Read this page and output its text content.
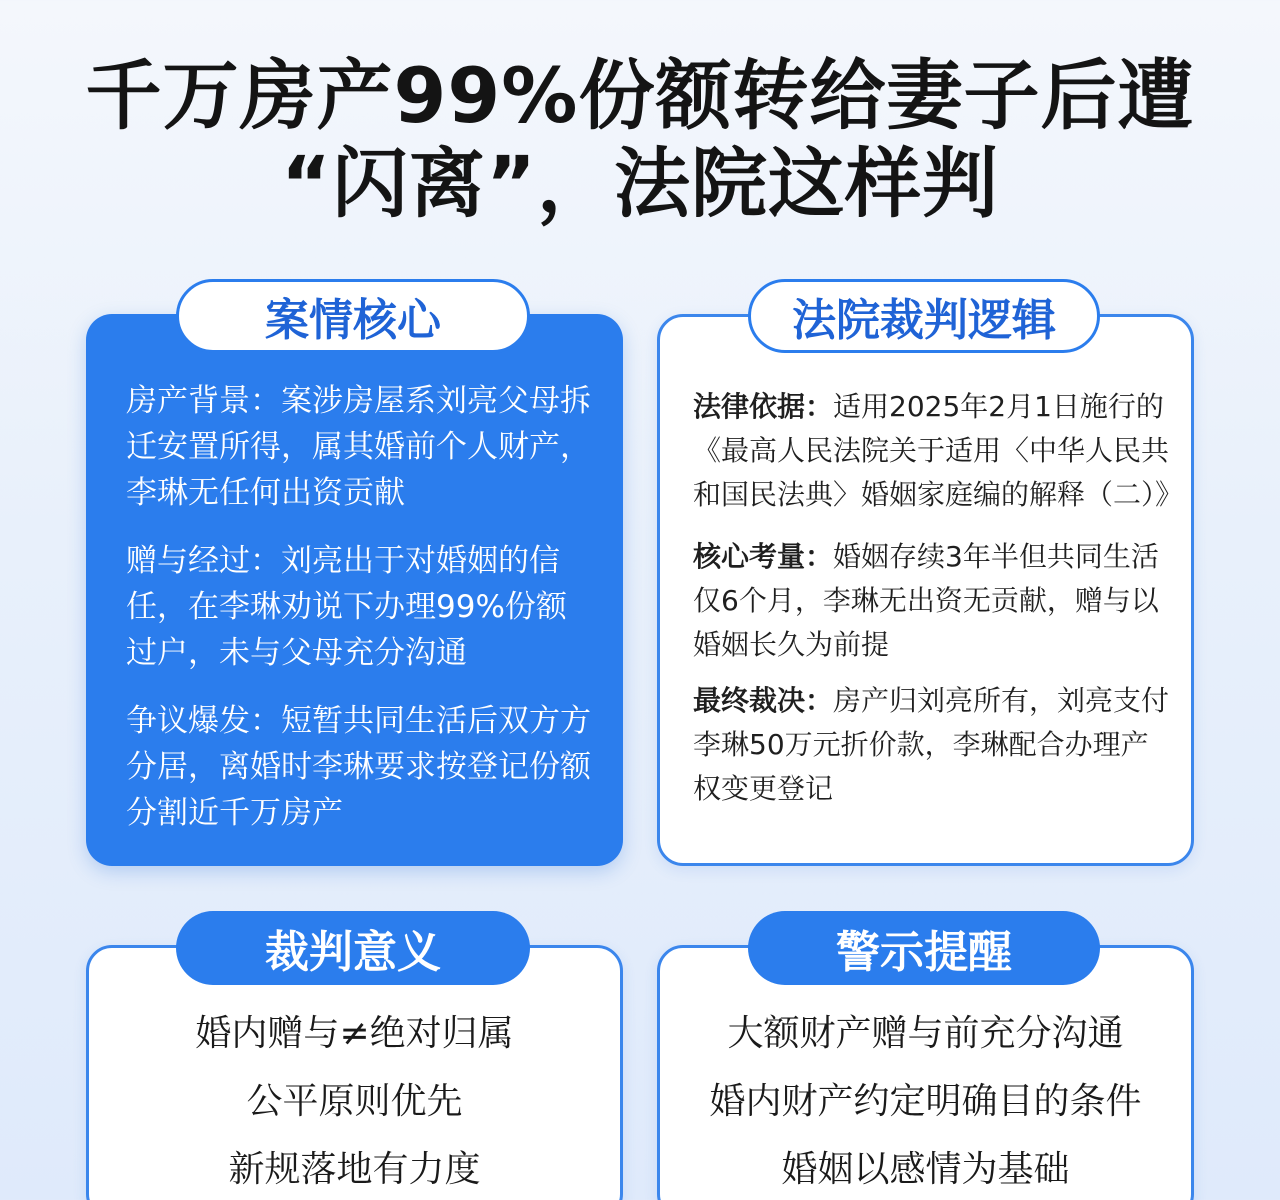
千万房产99%份额转给妻子后遭
“闪离”，法院这样判
房产背景：案涉房屋系刘亮父母拆迁安置所得，属其婚前个人财产，李琳无任何出资贡献
赠与经过：刘亮出于对婚姻的信任，在李琳劝说下办理99%份额过户，未与父母充分沟通
争议爆发：短暂共同生活后双方方分居，离婚时李琳要求按登记份额分割近千万房产
案情核心
法律依据：适用2025年2月1日施行的《最高人民法院关于适用〈中华人民共和国民法典〉婚姻家庭编的解释（二）》
核心考量：婚姻存续3年半但共同生活仅6个月，李琳无出资无贡献，赠与以婚姻长久为前提
最终裁决：房产归刘亮所有，刘亮支付李琳50万元折价款，李琳配合办理产权变更登记
法院裁判逻辑
婚内赠与≠绝对归属
公平原则优先
新规落地有力度
裁判意义
大额财产赠与前充分沟通
婚内财产约定明确目的条件
婚姻以感情为基础
警示提醒
